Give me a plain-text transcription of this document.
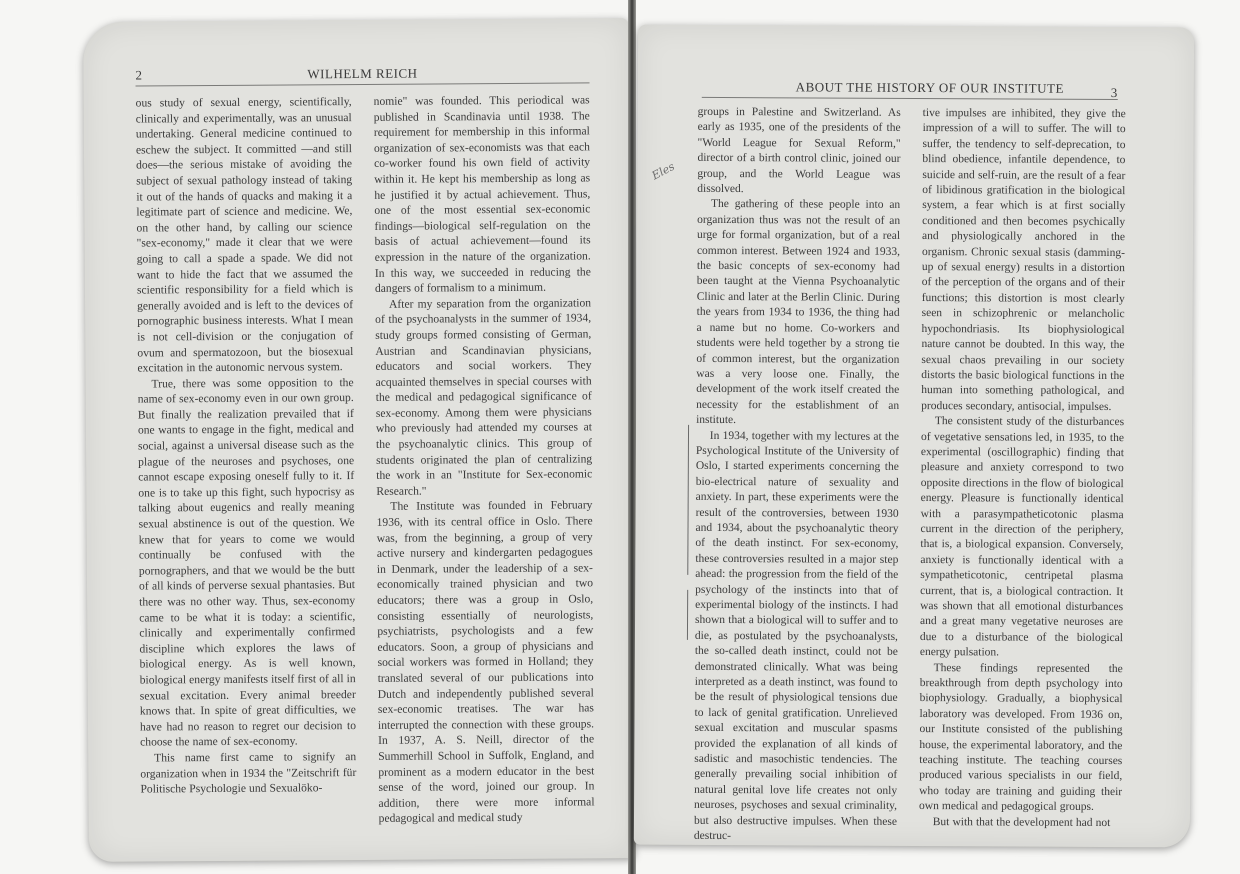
2	WILHELM REICH

ous study of sexual energy, scientifically, clinically and experimentally, was an unusual undertaking. General medicine continued to eschew the subject. It committed —and still does—the serious mistake of avoiding the subject of sexual pathology instead of taking it out of the hands of quacks and making it a legitimate part of science and medicine. We, on the other hand, by calling our science "sex-economy," made it clear that we were going to call a spade a spade. We did not want to hide the fact that we assumed the scientific responsibility for a field which is generally avoided and is left to the devices of pornographic business interests. What I mean is not cell-division or the conjugation of ovum and spermatozoon, but the biosexual excitation in the autonomic nervous system.

True, there was some opposition to the name of sex-economy even in our own group. But finally the realization prevailed that if one wants to engage in the fight, medical and social, against a universal disease such as the plague of the neuroses and psychoses, one cannot escape exposing oneself fully to it. If one is to take up this fight, such hypocrisy as talking about eugenics and really meaning sexual abstinence is out of the question. We knew that for years to come we would continually be confused with the pornographers, and that we would be the butt of all kinds of perverse sexual phantasies. But there was no other way. Thus, sex-economy came to be what it is today: a scientific, clinically and experimentally confirmed discipline which explores the laws of biological energy. As is well known, biological energy manifests itself first of all in sexual excitation. Every animal breeder knows that. In spite of great difficulties, we have had no reason to regret our decision to choose the name of sex-economy.

This name first came to signify an organization when in 1934 the "Zeitschrift für Politische Psychologie und Sexualöko-

nomie" was founded. This periodical was published in Scandinavia until 1938. The requirement for membership in this informal organization of sex-economists was that each co-worker found his own field of activity within it. He kept his membership as long as he justified it by actual achievement. Thus, one of the most essential sex-economic findings—biological self-regulation on the basis of actual achievement—found its expression in the nature of the organization. In this way, we succeeded in reducing the dangers of formalism to a minimum.

After my separation from the organization of the psychoanalysts in the summer of 1934, study groups formed consisting of German, Austrian and Scandinavian physicians, educators and social workers. They acquainted themselves in special courses with the medical and pedagogical significance of sex-economy. Among them were physicians who previously had attended my courses at the psychoanalytic clinics. This group of students originated the plan of centralizing the work in an "Institute for Sex-economic Research."

The Institute was founded in February 1936, with its central office in Oslo. There was, from the beginning, a group of very active nursery and kindergarten pedagogues in Denmark, under the leadership of a sex-economically trained physician and two educators; there was a group in Oslo, consisting essentially of neurologists, psychiatrists, psychologists and a few educators. Soon, a group of physicians and social workers was formed in Holland; they translated several of our publications into Dutch and independently published several sex-economic treatises. The war has interrupted the connection with these groups. In 1937, A. S. Neill, director of the Summerhill School in Suffolk, England, and prominent as a modern educator in the best sense of the word, joined our group. In addition, there were more informal pedagogical and medical study

ABOUT THE HISTORY OF OUR INSTITUTE	3

groups in Palestine and Switzerland. As early as 1935, one of the presidents of the "World League for Sexual Reform," director of a birth control clinic, joined our group, and the World League was dissolved.

The gathering of these people into an organization thus was not the result of an urge for formal organization, but of a real common interest. Between 1924 and 1933, the basic concepts of sex-economy had been taught at the Vienna Psychoanalytic Clinic and later at the Berlin Clinic. During the years from 1934 to 1936, the thing had a name but no home. Co-workers and students were held together by a strong tie of common interest, but the organization was a very loose one. Finally, the development of the work itself created the necessity for the establishment of an institute.

In 1934, together with my lectures at the Psychological Institute of the University of Oslo, I started experiments concerning the bio-electrical nature of sexuality and anxiety. In part, these experiments were the result of the controversies, between 1930 and 1934, about the psychoanalytic theory of the death instinct. For sex-economy, these controversies resulted in a major step ahead: the progression from the field of the psychology of the instincts into that of experimental biology of the instincts. I had shown that a biological will to suffer and to die, as postulated by the psychoanalysts, the so-called death instinct, could not be demonstrated clinically. What was being interpreted as a death instinct, was found to be the result of physiological tensions due to lack of genital gratification. Unrelieved sexual excitation and muscular spasms provided the explanation of all kinds of sadistic and masochistic tendencies. The generally prevailing social inhibition of natural genital love life creates not only neuroses, psychoses and sexual criminality, but also destructive impulses. When these destruc-

tive impulses are inhibited, they give the impression of a will to suffer. The will to suffer, the tendency to self-deprecation, to blind obedience, infantile dependence, to suicide and self-ruin, are the result of a fear of libidinous gratification in the biological system, a fear which is at first socially conditioned and then becomes psychically and physiologically anchored in the organism. Chronic sexual stasis (damming-up of sexual energy) results in a distortion of the perception of the organs and of their functions; this distortion is most clearly seen in schizophrenic or melancholic hypochondriasis. Its biophysiological nature cannot be doubted. In this way, the sexual chaos prevailing in our society distorts the basic biological functions in the human into something pathological, and produces secondary, antisocial, impulses.

The consistent study of the disturbances of vegetative sensations led, in 1935, to the experimental (oscillographic) finding that pleasure and anxiety correspond to two opposite directions in the flow of biological energy. Pleasure is functionally identical with a parasympatheticotonic plasma current in the direction of the periphery, that is, a biological expansion. Conversely, anxiety is functionally identical with a sympatheticotonic, centripetal plasma current, that is, a biological contraction. It was shown that all emotional disturbances and a great many vegetative neuroses are due to a disturbance of the biological energy pulsation.

These findings represented the breakthrough from depth psychology into biophysiology. Gradually, a biophysical laboratory was developed. From 1936 on, our Institute consisted of the publishing house, the experimental laboratory, and the teaching institute. The teaching courses produced various specialists in our field, who today are training and guiding their own medical and pedagogical groups.

But with that the development had not

Eles
